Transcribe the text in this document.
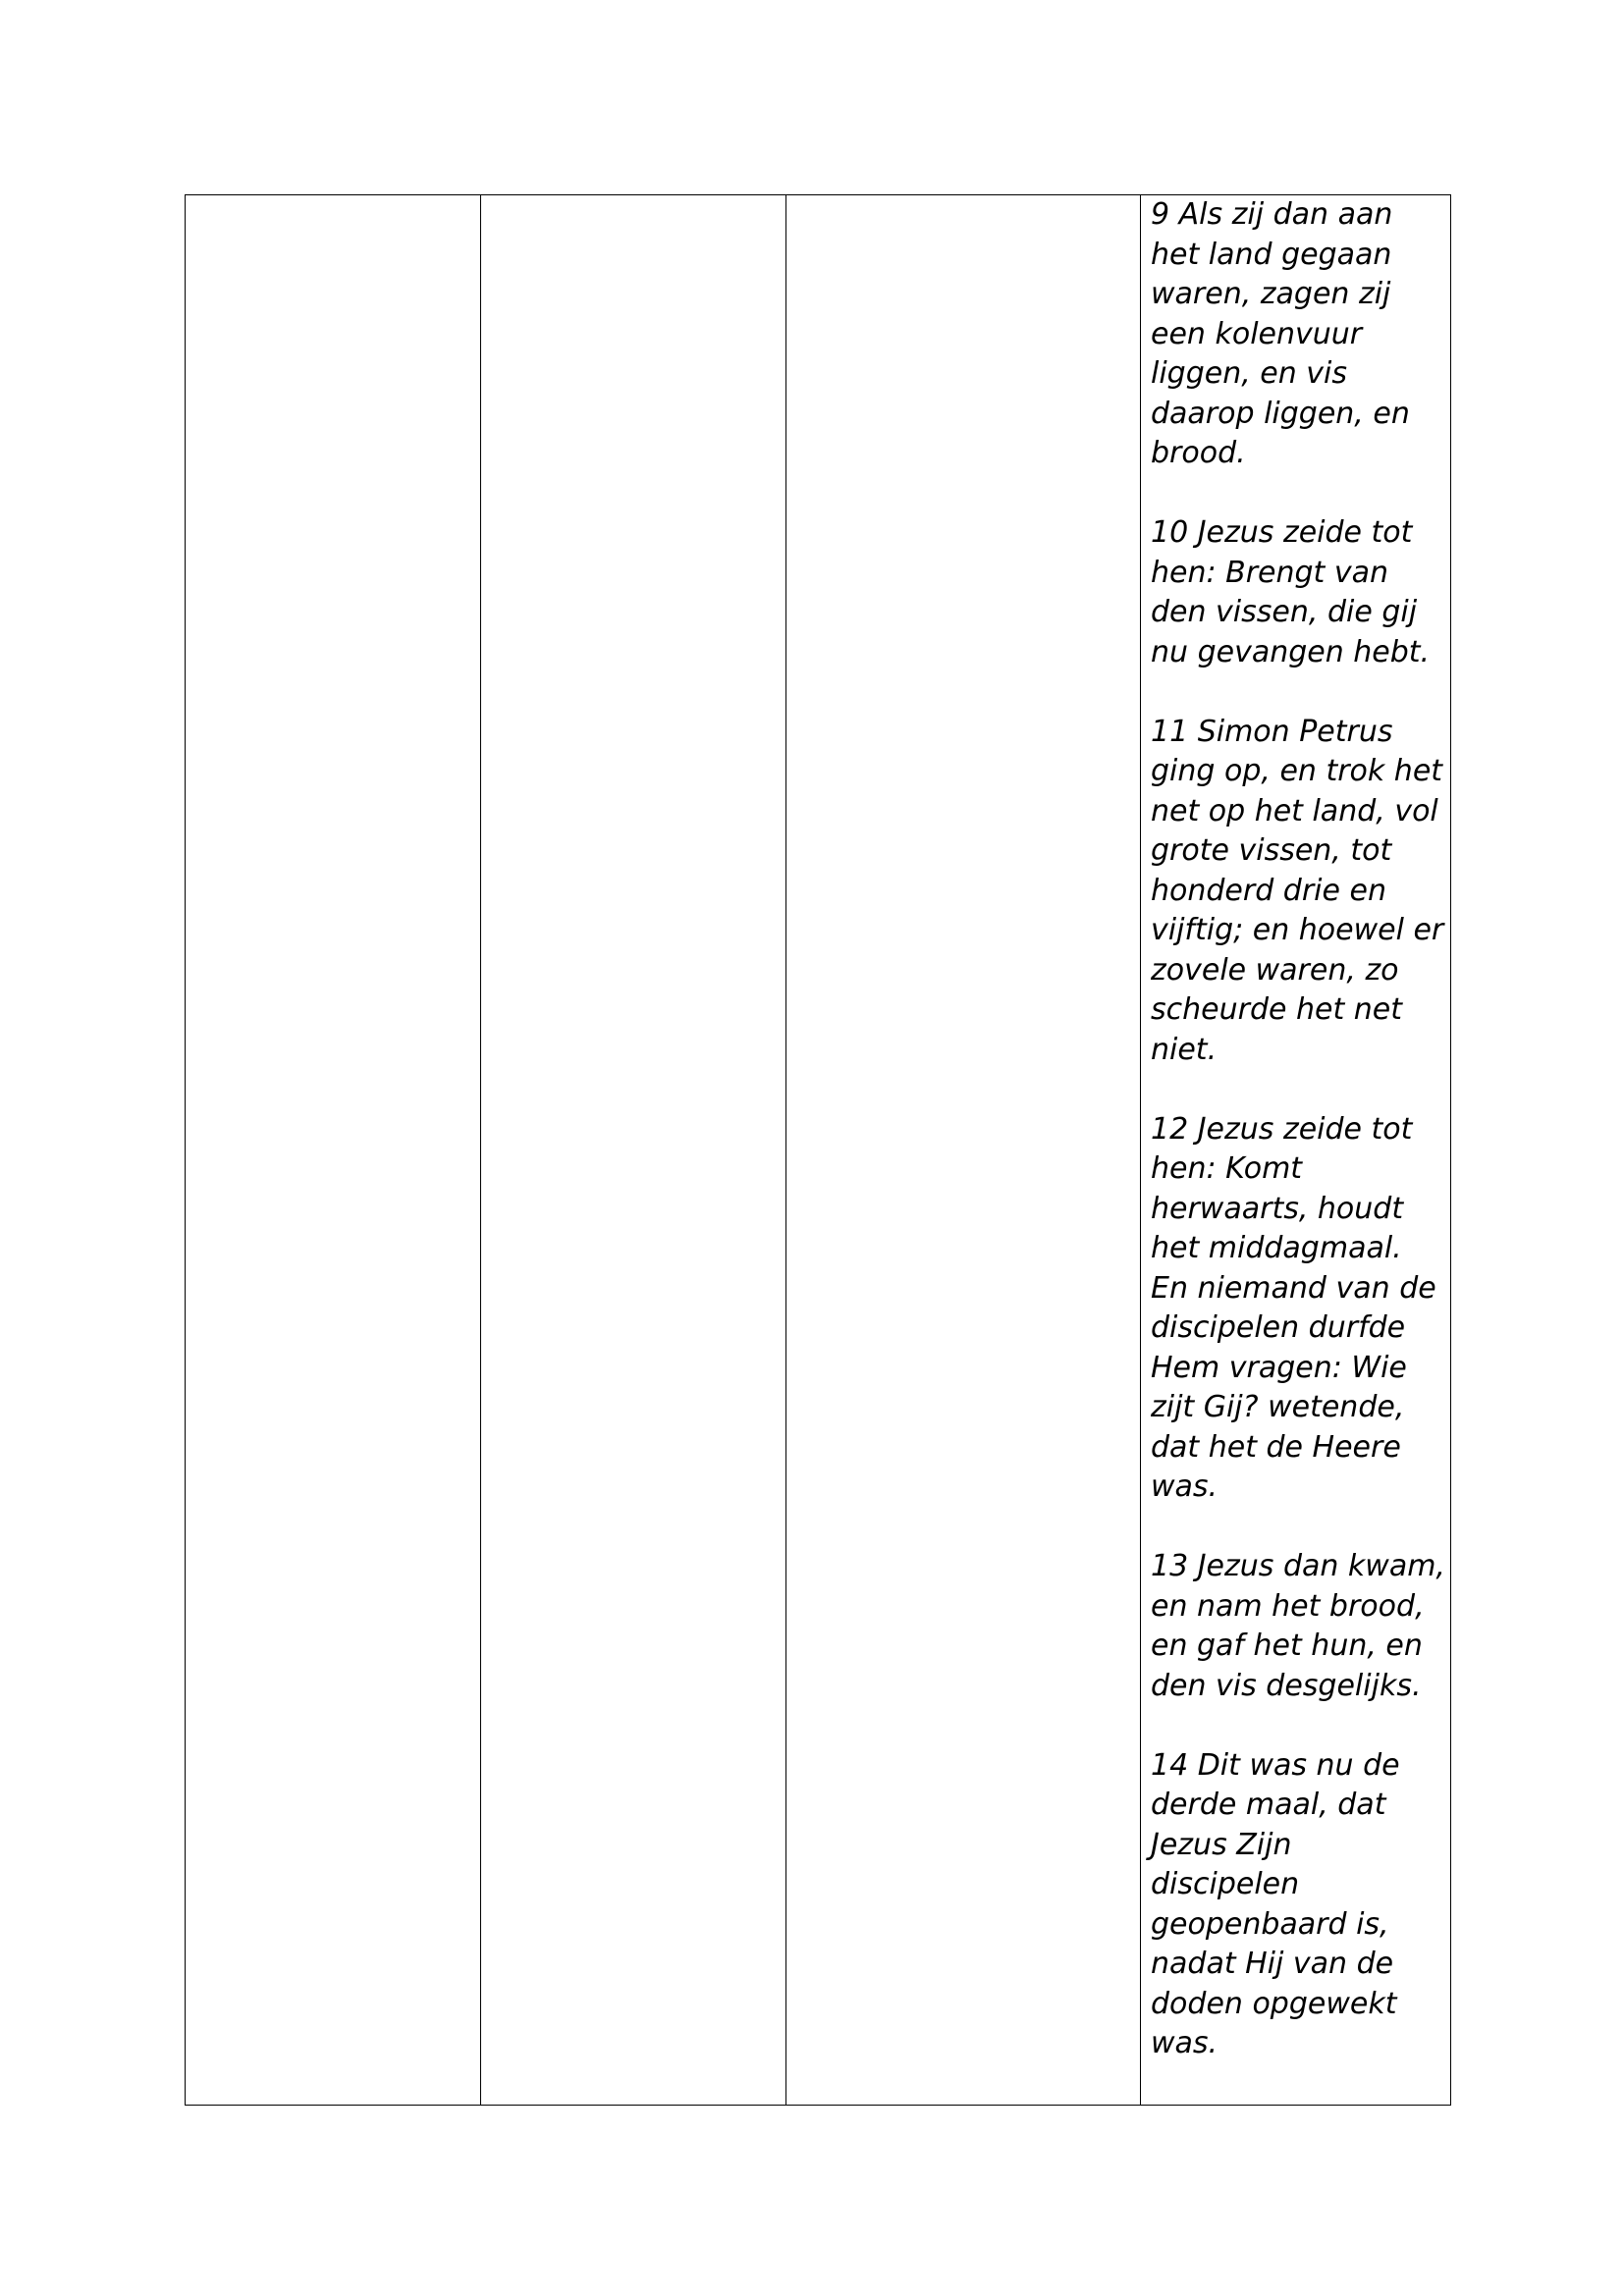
9 Als zij dan aan het land gegaan waren, zagen zij een kolenvuur liggen, en vis daarop liggen, en brood.

10 Jezus zeide tot hen: Brengt van den vissen, die gij nu gevangen hebt.

11 Simon Petrus ging op, en trok het net op het land, vol grote vissen, tot honderd drie en vijftig; en hoewel er zovele waren, zo scheurde het net niet.

12 Jezus zeide tot hen: Komt herwaarts, houdt het middagmaal. En niemand van de discipelen durfde Hem vragen: Wie zijt Gij? wetende, dat het de Heere was.

13 Jezus dan kwam, en nam het brood, en gaf het hun, en den vis desgelijks.

14 Dit was nu de derde maal, dat Jezus Zijn discipelen geopenbaard is, nadat Hij van de doden opgewekt was.
